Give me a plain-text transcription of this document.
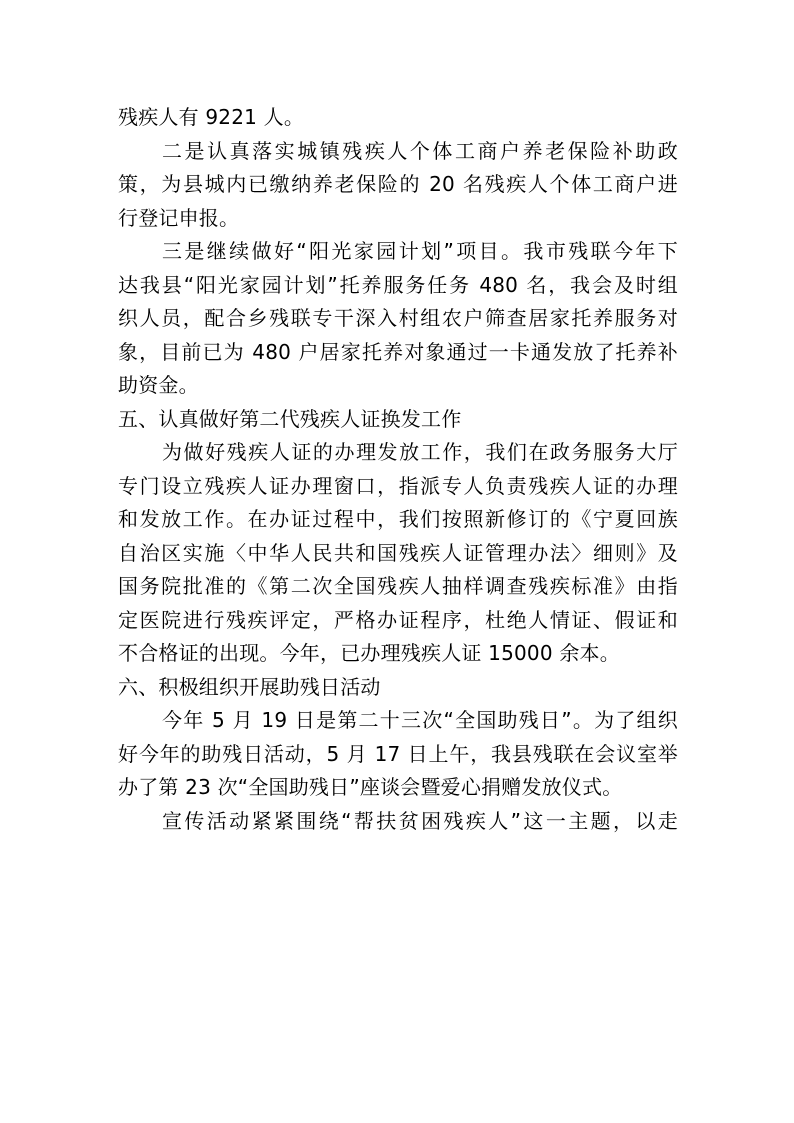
残疾人有 9221 人。
二是认真落实城镇残疾人个体工商户养老保险补助政
策，为县城内已缴纳养老保险的 20 名残疾人个体工商户进
行登记申报。
三是继续做好“阳光家园计划”项目。我市残联今年下
达我县“阳光家园计划”托养服务任务 480 名，我会及时组
织人员，配合乡残联专干深入村组农户筛查居家托养服务对
象，目前已为 480 户居家托养对象通过一卡通发放了托养补
助资金。
五、认真做好第二代残疾人证换发工作
为做好残疾人证的办理发放工作，我们在政务服务大厅
专门设立残疾人证办理窗口，指派专人负责残疾人证的办理
和发放工作。在办证过程中，我们按照新修订的《宁夏回族
自治区实施〈中华人民共和国残疾人证管理办法〉细则》及
国务院批准的《第二次全国残疾人抽样调查残疾标准》由指
定医院进行残疾评定，严格办证程序，杜绝人情证、假证和
不合格证的出现。今年，已办理残疾人证 15000 余本。
六、积极组织开展助残日活动
今年 5 月 19 日是第二十三次“全国助残日”。为了组织
好今年的助残日活动，5 月 17 日上午，我县残联在会议室举
办了第 23 次“全国助残日”座谈会暨爱心捐赠发放仪式。
宣传活动紧紧围绕“帮扶贫困残疾人”这一主题，以走
